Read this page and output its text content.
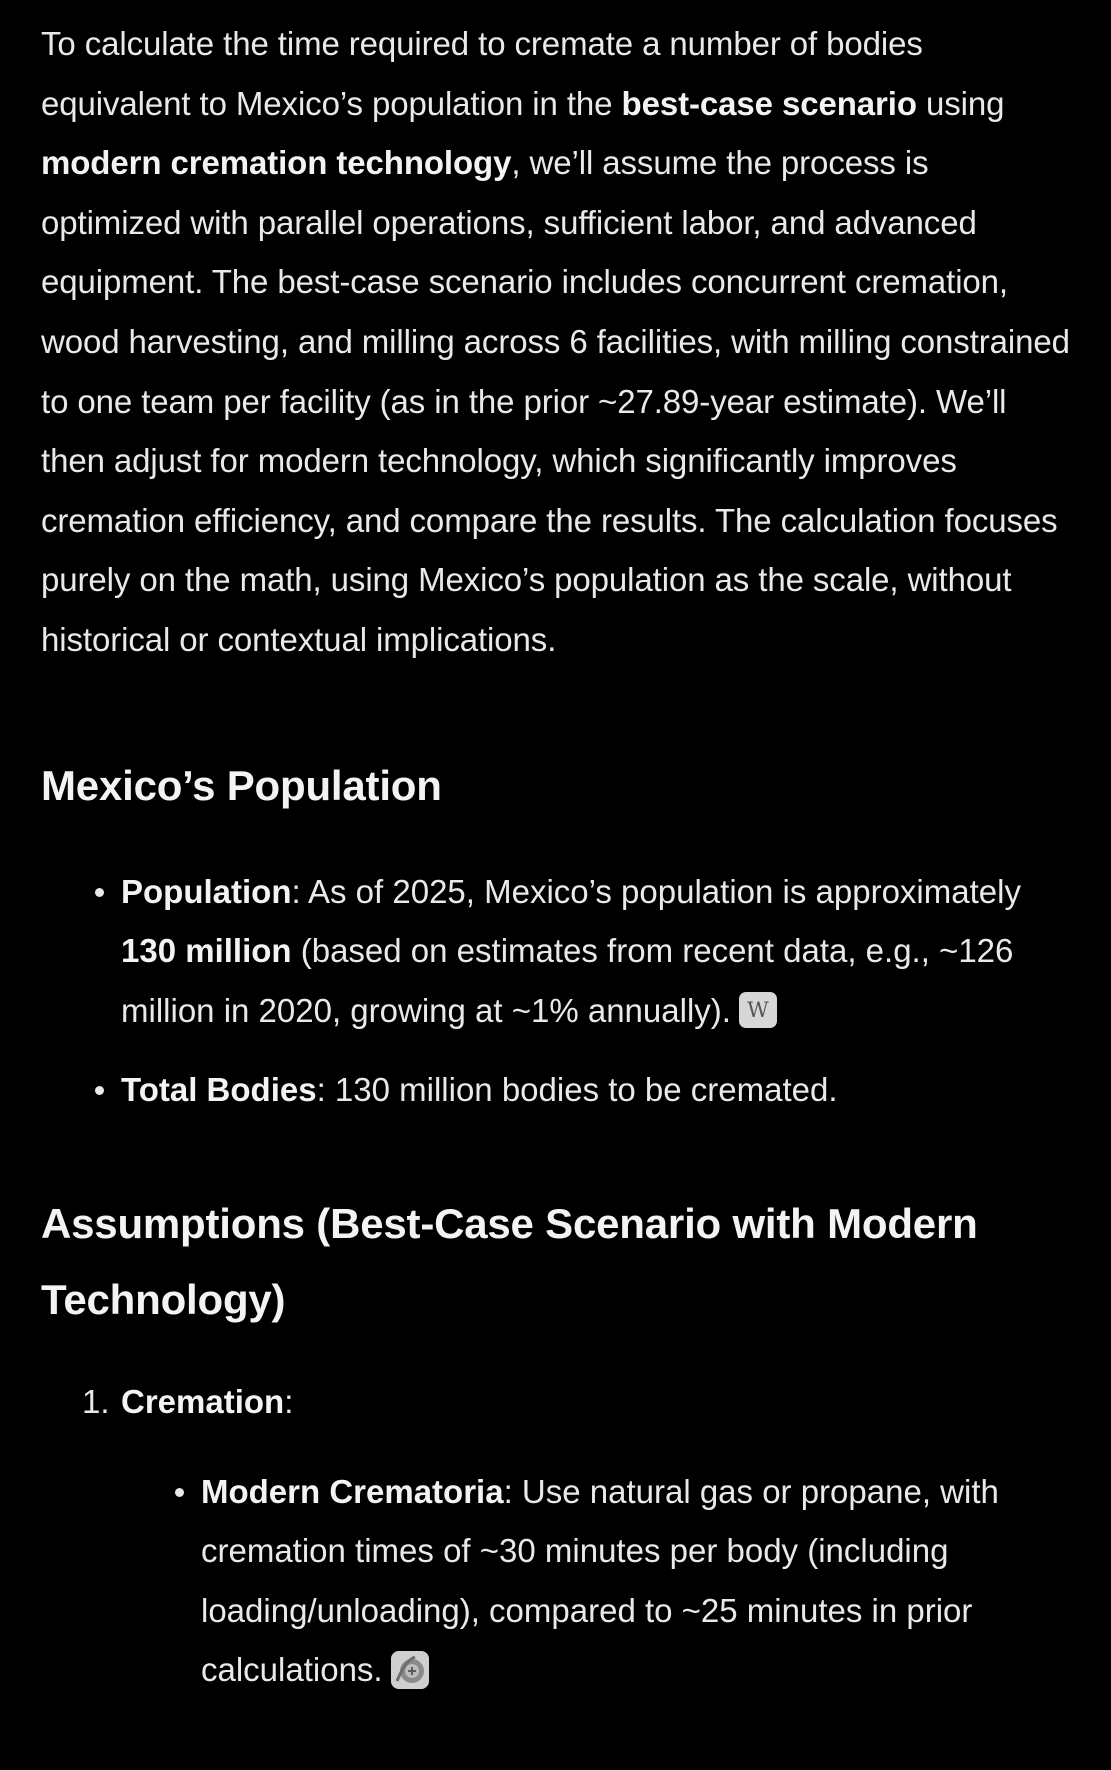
To calculate the time required to cremate a number of bodies equivalent to Mexico’s population in the best-case scenario using modern cremation technology, we’ll assume the process is optimized with parallel operations, sufficient labor, and advanced equipment. The best-case scenario includes concurrent cremation, wood harvesting, and milling across 6 facilities, with milling constrained to one team per facility (as in the prior ~27.89-year estimate). We’ll then adjust for modern technology, which significantly improves cremation efficiency, and compare the results. The calculation focuses purely on the math, using Mexico’s population as the scale, without historical or contextual implications.

Mexico’s Population
Population: As of 2025, Mexico’s population is approximately 130 million (based on estimates from recent data, e.g., ~126 million in 2020, growing at ~1% annually). W
Total Bodies: 130 million bodies to be cremated.
Assumptions (Best-Case Scenario with Modern Technology)
1. Cremation:
Modern Crematoria: Use natural gas or propane, with cremation times of ~30 minutes per body (including loading/unloading), compared to ~25 minutes in prior calculations.
